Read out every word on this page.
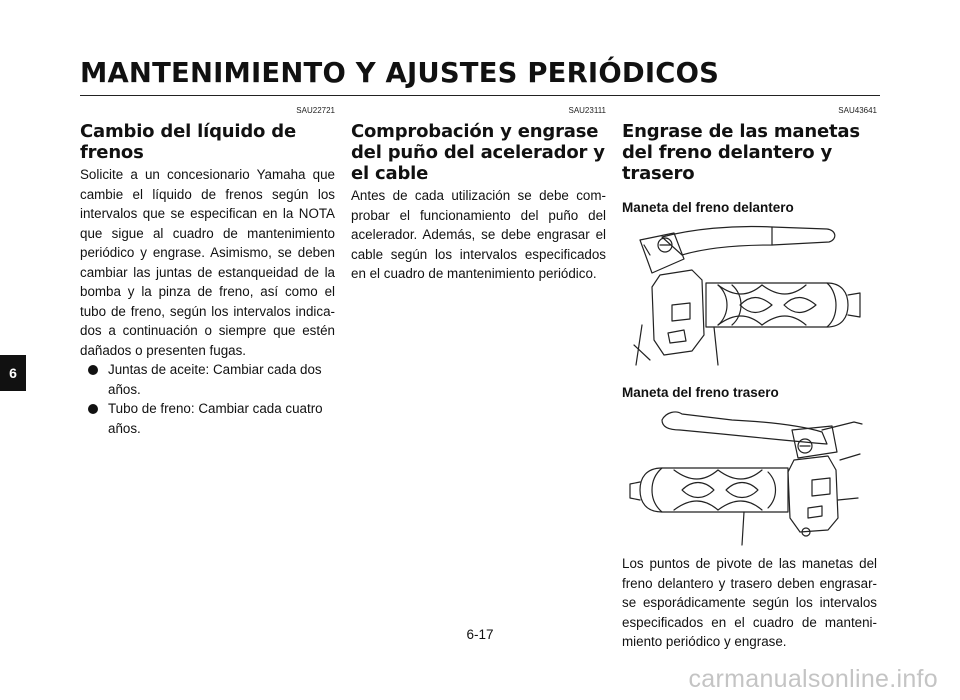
MANTENIMIENTO Y AJUSTES PERIÓDICOS
6
SAU22721
Cambio del líquido de frenos

Solicite a un concesionario Yamaha que cambie el líquido de frenos según los intervalos que se especifican en la NOTA que sigue al cuadro de mantenimiento periódico y engrase. Asimismo, se deben cambiar las juntas de estanqueidad de la bomba y la pinza de freno, así como el tubo de freno, según los intervalos indica-dos a continuación o siempre que estén dañados o presenten fugas.

Juntas de aceite: Cambiar cada dos años.
Tubo de freno: Cambiar cada cuatro años.
SAU23111
Comprobación y engrase del puño del acelerador y el cable

Antes de cada utilización se debe com-probar el funcionamiento del puño del acelerador. Además, se debe engrasar el cable según los intervalos especificados en el cuadro de mantenimiento periódico.

SAU43641
Engrase de las manetas del freno delantero y trasero

Maneta del freno delantero

Maneta del freno trasero

Los puntos de pivote de las manetas del freno delantero y trasero deben engrasar-se esporádicamente según los intervalos especificados en el cuadro de manteni-miento periódico y engrase.

6-17
carmanualsonline.info
